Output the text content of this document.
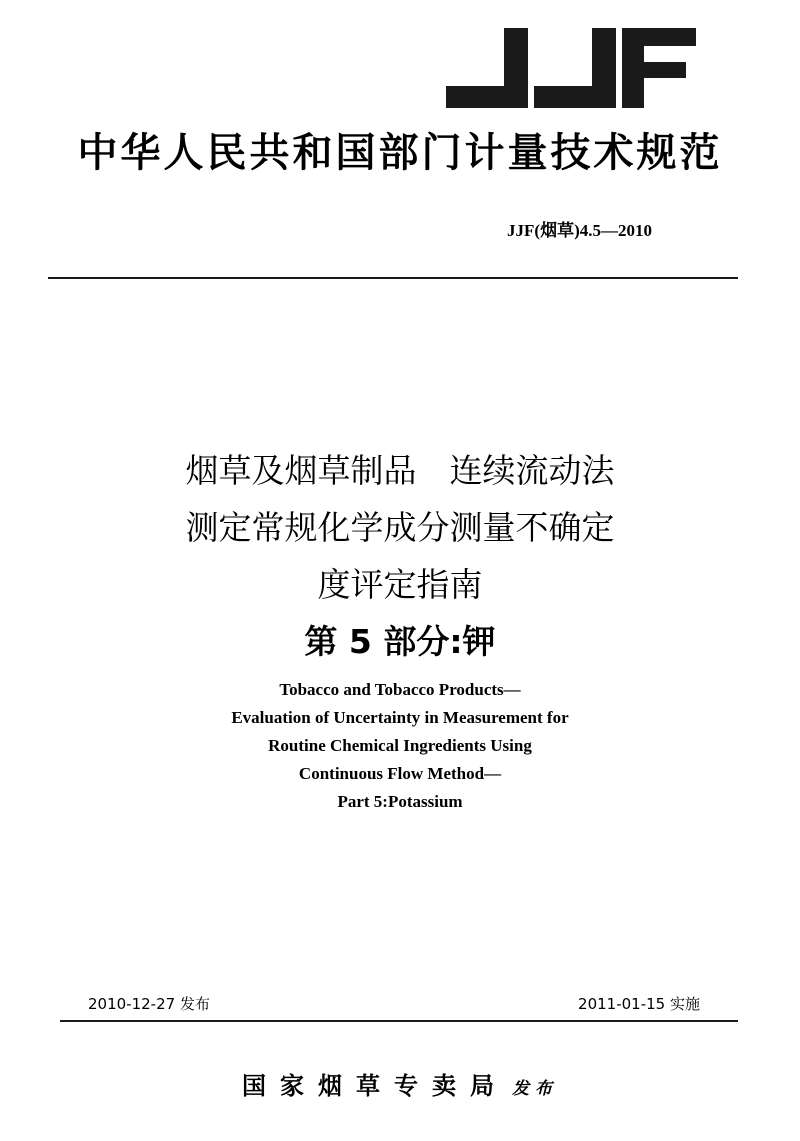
中华人民共和国部门计量技术规范
JJF(烟草)4.5—2010
烟草及烟草制品　连续流动法
测定常规化学成分测量不确定
度评定指南
第 5 部分:钾
Tobacco and Tobacco Products—
Evaluation of Uncertainty in Measurement for
Routine Chemical Ingredients Using
Continuous Flow Method—
Part 5:Potassium
2010-12-27 发布	2011-01-15 实施
国家烟草专卖局 发布
